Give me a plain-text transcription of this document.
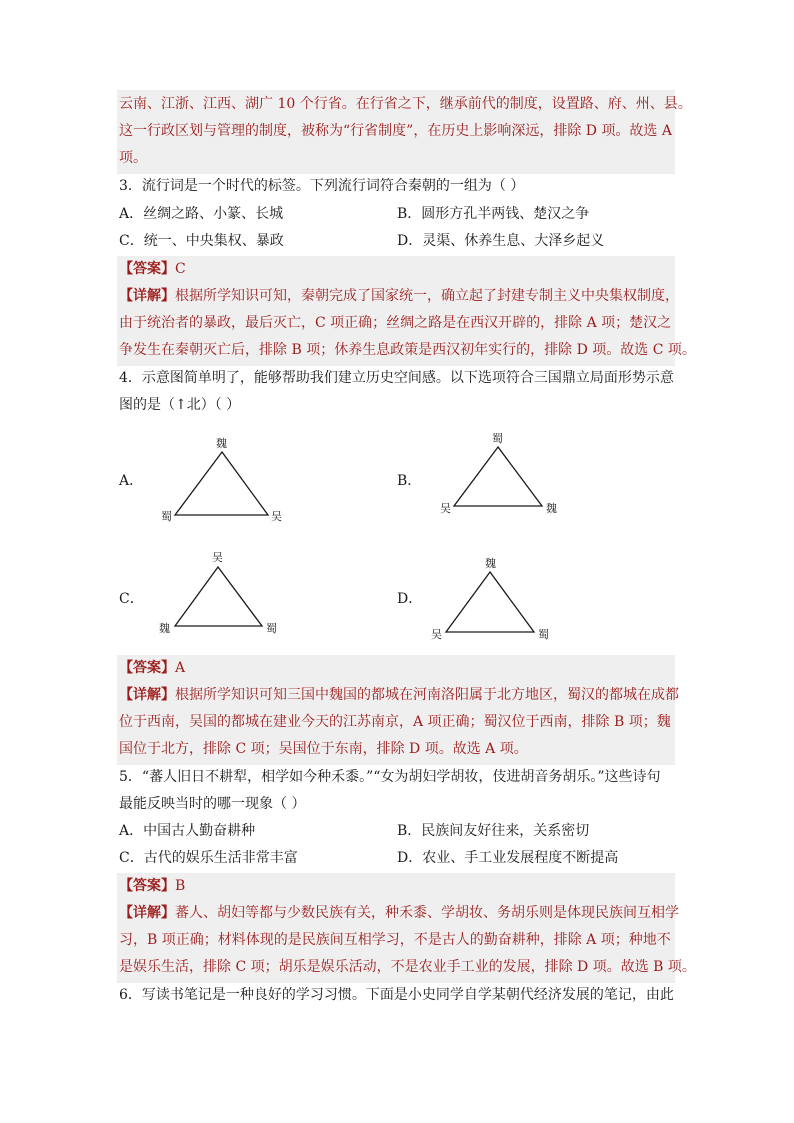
云南、江浙、江西、湖广 10 个行省。在行省之下，继承前代的制度，设置路、府、州、县。
这一行政区划与管理的制度，被称为“行省制度”，在历史上影响深远，排除 D 项。故选 A
项。
3．流行词是一个时代的标签。下列流行词符合秦朝的一组为（ ）
A．丝绸之路、小篆、长城	B．圆形方孔半两钱、楚汉之争
C．统一、中央集权、暴政	D．灵渠、休养生息、大泽乡起义
【答案】C
【详解】根据所学知识可知，秦朝完成了国家统一，确立起了封建专制主义中央集权制度，
由于统治者的暴政，最后灭亡，C 项正确；丝绸之路是在西汉开辟的，排除 A 项；楚汉之
争发生在秦朝灭亡后，排除 B 项；休养生息政策是西汉初年实行的，排除 D 项。故选 C 项。
4．示意图简单明了，能够帮助我们建立历史空间感。以下选项符合三国鼎立局面形势示意
图的是（↑北）（ ）
A．
魏
蜀	吴
B．
蜀
吴	魏
C．
吴
魏	蜀
D．
魏
吴	蜀
【答案】A
【详解】根据所学知识可知三国中魏国的都城在河南洛阳属于北方地区，蜀汉的都城在成都
位于西南，吴国的都城在建业今天的江苏南京，A 项正确；蜀汉位于西南，排除 B 项；魏
国位于北方，排除 C 项；吴国位于东南，排除 D 项。故选 A 项。
5．“蕃人旧日不耕犁，相学如今种禾黍。”“女为胡妇学胡妆，伎进胡音务胡乐。”这些诗句
最能反映当时的哪一现象（ ）
A．中国古人勤奋耕种	B．民族间友好往来，关系密切
C．古代的娱乐生活非常丰富	D．农业、手工业发展程度不断提高
【答案】B
【详解】蕃人、胡妇等都与少数民族有关，种禾黍、学胡妆、务胡乐则是体现民族间互相学
习，B 项正确；材料体现的是民族间互相学习，不是古人的勤奋耕种，排除 A 项；种地不
是娱乐生活，排除 C 项；胡乐是娱乐活动，不是农业手工业的发展，排除 D 项。故选 B 项。
6．写读书笔记是一种良好的学习习惯。下面是小史同学自学某朝代经济发展的笔记，由此
